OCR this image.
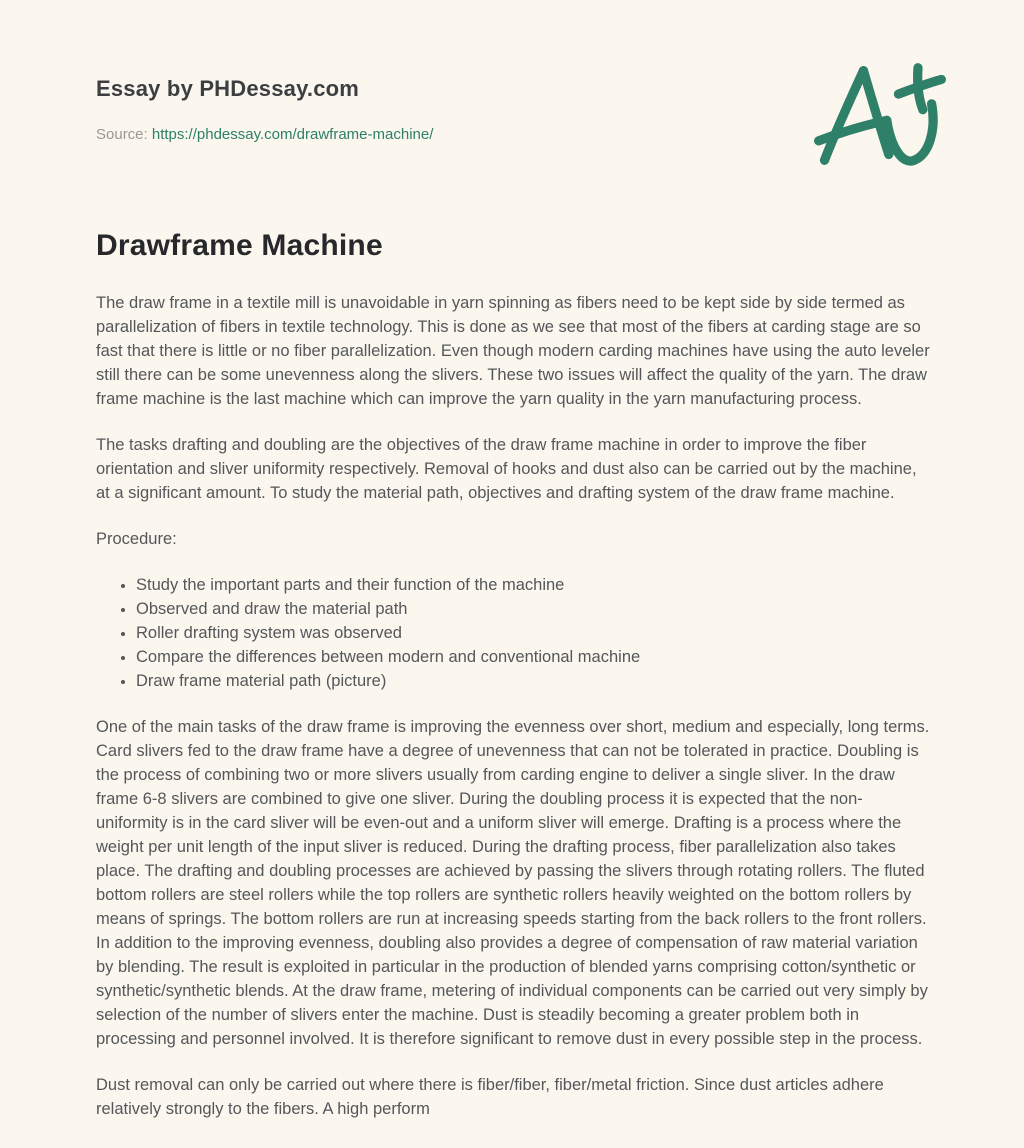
Essay by PHDessay.com
Source: https://phdessay.com/drawframe-machine/
Drawframe Machine

The draw frame in a textile mill is unavoidable in yarn spinning as fibers need to be kept side by side termed as parallelization of fibers in textile technology. This is done as we see that most of the fibers at carding stage are so fast that there is little or no fiber parallelization. Even though modern carding machines have using the auto leveler still there can be some unevenness along the slivers. These two issues will affect the quality of the yarn. The draw frame machine is the last machine which can improve the yarn quality in the yarn manufacturing process.

The tasks drafting and doubling are the objectives of the draw frame machine in order to improve the fiber orientation and sliver uniformity respectively. Removal of hooks and dust also can be carried out by the machine, at a significant amount. To study the material path, objectives and drafting system of the draw frame machine.

Procedure:

• Study the important parts and their function of the machine
• Observed and draw the material path
• Roller drafting system was observed
• Compare the differences between modern and conventional machine
• Draw frame material path (picture)

One of the main tasks of the draw frame is improving the evenness over short, medium and especially, long terms. Card slivers fed to the draw frame have a degree of unevenness that can not be tolerated in practice. Doubling is the process of combining two or more slivers usually from carding engine to deliver a single sliver. In the draw frame 6-8 slivers are combined to give one sliver. During the doubling process it is expected that the non-uniformity is in the card sliver will be even-out and a uniform sliver will emerge. Drafting is a process where the weight per unit length of the input sliver is reduced. During the drafting process, fiber parallelization also takes place. The drafting and doubling processes are achieved by passing the slivers through rotating rollers. The fluted bottom rollers are steel rollers while the top rollers are synthetic rollers heavily weighted on the bottom rollers by means of springs. The bottom rollers are run at increasing speeds starting from the back rollers to the front rollers. In addition to the improving evenness, doubling also provides a degree of compensation of raw material variation by blending. The result is exploited in particular in the production of blended yarns comprising cotton/synthetic or synthetic/synthetic blends. At the draw frame, metering of individual components can be carried out very simply by selection of the number of slivers enter the machine. Dust is steadily becoming a greater problem both in processing and personnel involved. It is therefore significant to remove dust in every possible step in the process.

Dust removal can only be carried out where there is fiber/fiber, fiber/metal friction. Since dust articles adhere relatively strongly to the fibers. A high perform
